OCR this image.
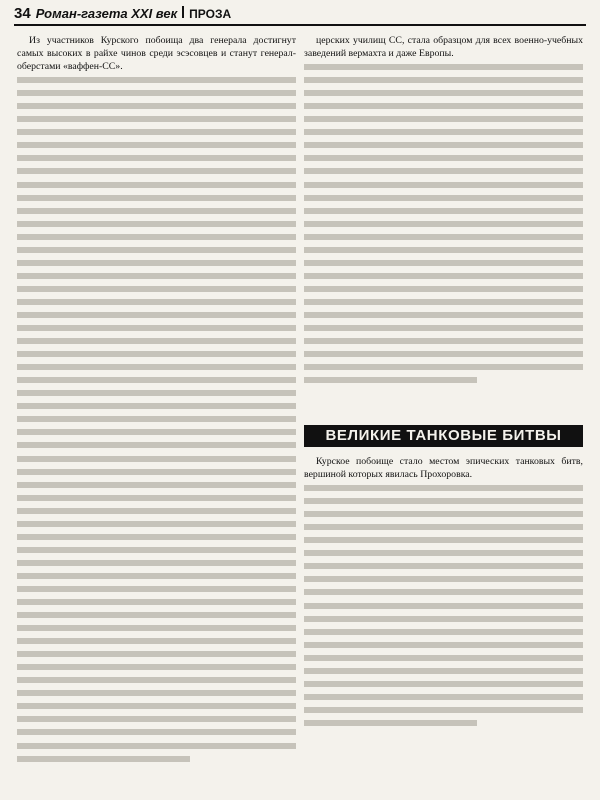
34 Роман-газета XXI век ПРОЗА

Из участников Курского побоища два генерала достигнут самых высоких в райхе чинов среди эсэсовцев и станут генерал-оберстами «ваффен-СС».

церских училищ СС, стала образцом для всех военно-учебных заведений вермахта и даже Европы.

ВЕЛИКИЕ ТАНКОВЫЕ БИТВЫ

Курское побоище стало местом эпических танковых битв, вершиной которых явилась Прохоровка.
